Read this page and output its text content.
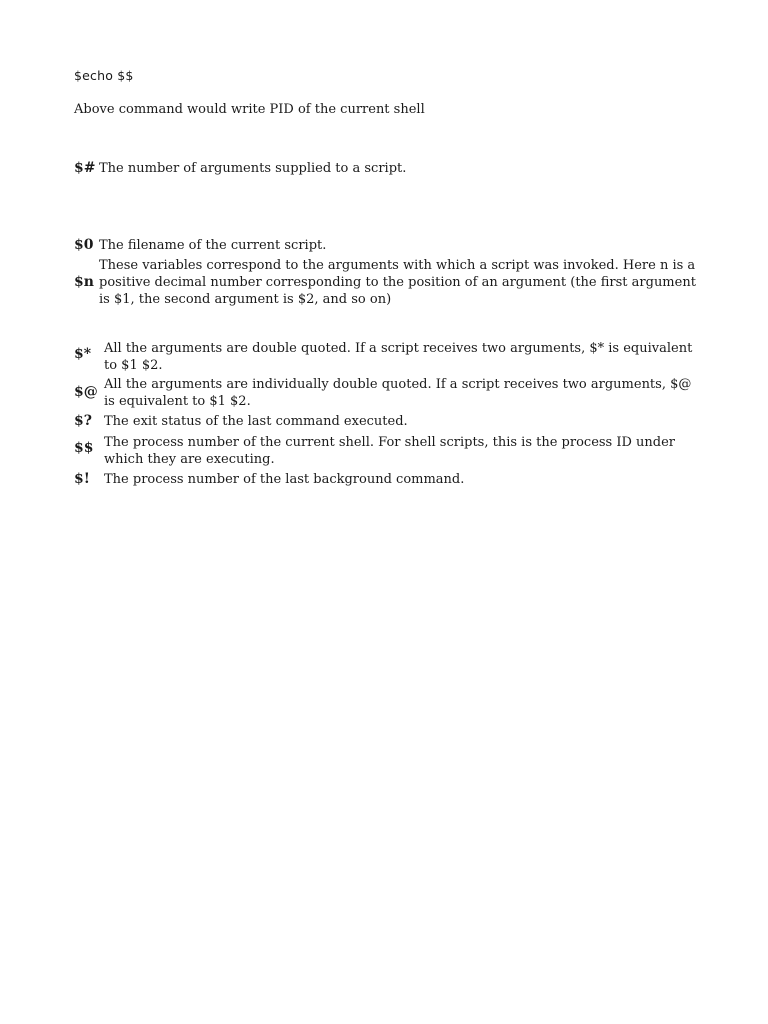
$echo $$
Above command would write PID of the current shell
$# The number of arguments supplied to a script.
$0 The filename of the current script.
$n
These variables correspond to the arguments with which a script was invoked. Here n is a positive decimal number corresponding to the position of an argument (the first argument is $1, the second argument is $2, and so on)
$* All the arguments are double quoted. If a script receives two arguments, $* is equivalent to $1 $2.
$@ All the arguments are individually double quoted. If a script receives two arguments, $@ is equivalent to $1 $2.
$? The exit status of the last command executed.
$$ The process number of the current shell. For shell scripts, this is the process ID under which they are executing.
$!	The process number of the last background command.
